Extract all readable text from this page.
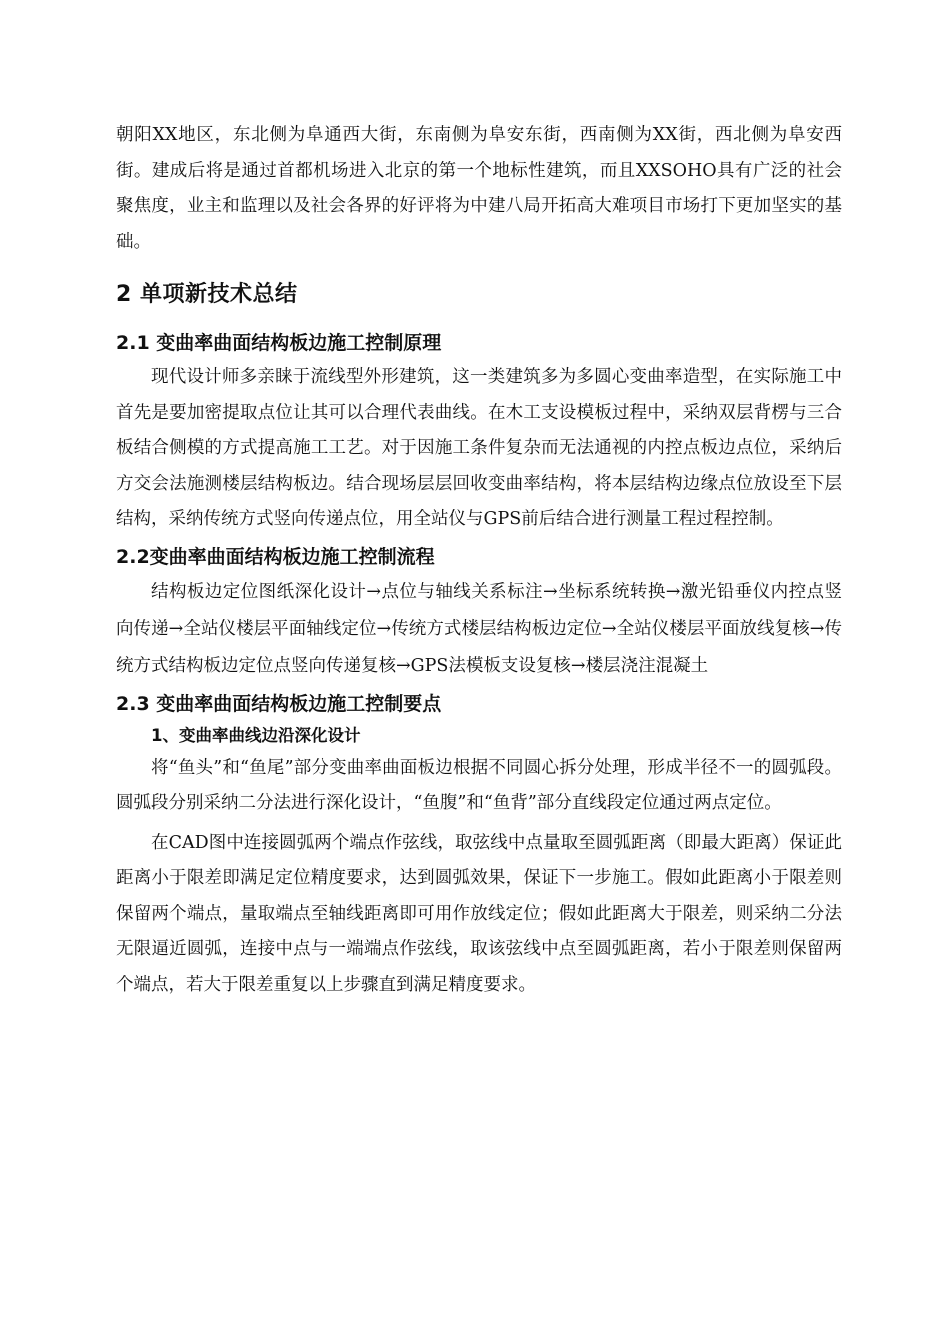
朝阳XX地区，东北侧为阜通西大街，东南侧为阜安东街，西南侧为XX街，西北侧为阜安西街。建成后将是通过首都机场进入北京的第一个地标性建筑，而且XXSOHO具有广泛的社会聚焦度，业主和监理以及社会各界的好评将为中建八局开拓高大难项目市场打下更加坚实的基础。

2 单项新技术总结
2.1 变曲率曲面结构板边施工控制原理

现代设计师多亲睐于流线型外形建筑，这一类建筑多为多圆心变曲率造型，在实际施工中首先是要加密提取点位让其可以合理代表曲线。在木工支设模板过程中，采纳双层背楞与三合板结合侧模的方式提高施工工艺。对于因施工条件复杂而无法通视的内控点板边点位，采纳后方交会法施测楼层结构板边。结合现场层层回收变曲率结构，将本层结构边缘点位放设至下层结构，采纳传统方式竖向传递点位，用全站仪与GPS前后结合进行测量工程过程控制。

2.2变曲率曲面结构板边施工控制流程

结构板边定位图纸深化设计→点位与轴线关系标注→坐标系统转换→激光铅垂仪内控点竖向传递→全站仪楼层平面轴线定位→传统方式楼层结构板边定位→全站仪楼层平面放线复核→传统方式结构板边定位点竖向传递复核→GPS法模板支设复核→楼层浇注混凝土

2.3 变曲率曲面结构板边施工控制要点
1、变曲率曲线边沿深化设计

将“鱼头”和“鱼尾”部分变曲率曲面板边根据不同圆心拆分处理，形成半径不一的圆弧段。圆弧段分别采纳二分法进行深化设计，“鱼腹”和“鱼背”部分直线段定位通过两点定位。

在CAD图中连接圆弧两个端点作弦线，取弦线中点量取至圆弧距离（即最大距离）保证此距离小于限差即满足定位精度要求，达到圆弧效果，保证下一步施工。假如此距离小于限差则保留两个端点，量取端点至轴线距离即可用作放线定位；假如此距离大于限差，则采纳二分法无限逼近圆弧，连接中点与一端端点作弦线，取该弦线中点至圆弧距离，若小于限差则保留两个端点，若大于限差重复以上步骤直到满足精度要求。
